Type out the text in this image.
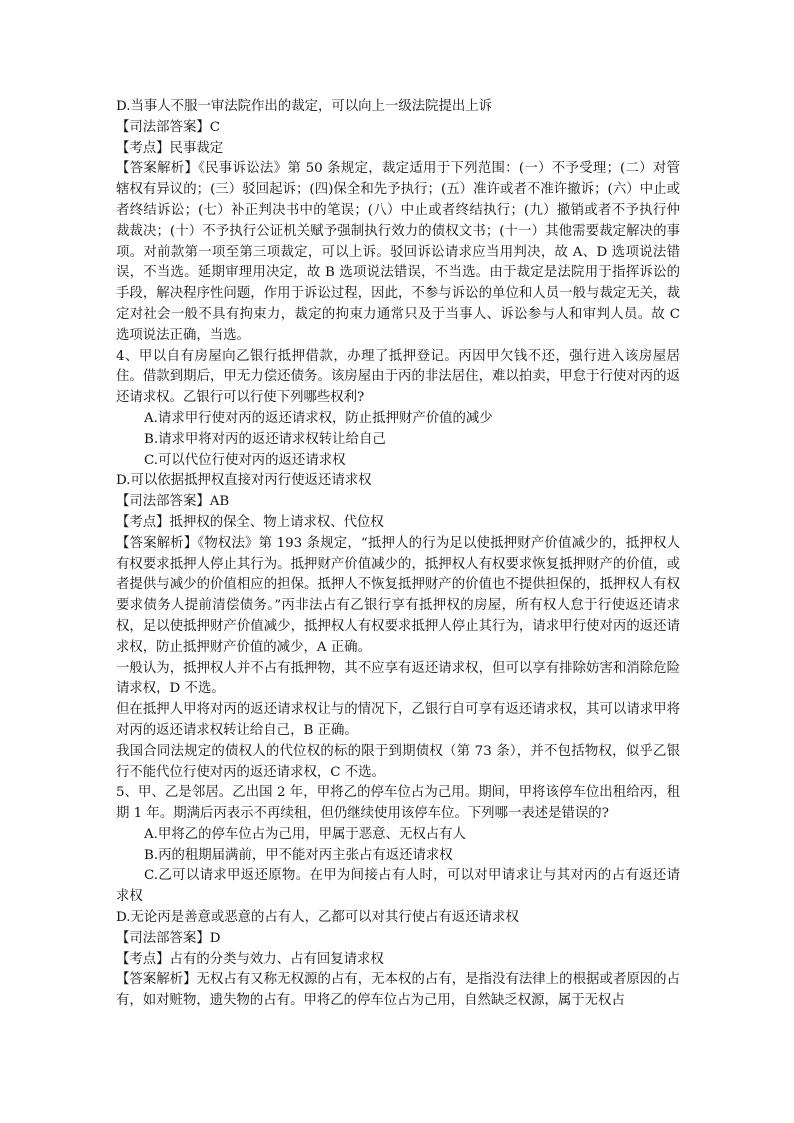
D.当事人不服一审法院作出的裁定，可以向上一级法院提出上诉

【司法部答案】C

【考点】民事裁定

【答案解析】《民事诉讼法》第 50 条规定，裁定适用于下列范围：(一）不予受理；(二）对管辖权有异议的；(三）驳回起诉；(四)保全和先予执行；(五）准许或者不准许撤诉；(六）中止或者终结诉讼；(七）补正判决书中的笔误；(八）中止或者终结执行；(九）撤销或者不予执行仲裁裁决；(十）不予执行公证机关赋予强制执行效力的债权文书；(十一）其他需要裁定解决的事项。对前款第一项至第三项裁定，可以上诉。驳回诉讼请求应当用判决，故 A、D 选项说法错误，不当选。延期审理用决定，故 B 选项说法错误，不当选。由于裁定是法院用于指挥诉讼的手段，解决程序性问题，作用于诉讼过程，因此，不参与诉讼的单位和人员一般与裁定无关，裁定对社会一般不具有拘束力，裁定的拘束力通常只及于当事人、诉讼参与人和审判人员。故 C 选项说法正确，当选。

4、甲以自有房屋向乙银行抵押借款，办理了抵押登记。丙因甲欠钱不还，强行进入该房屋居住。借款到期后，甲无力偿还债务。该房屋由于丙的非法居住，难以拍卖，甲怠于行使对丙的返还请求权。乙银行可以行使下列哪些权利?

A.请求甲行使对丙的返还请求权，防止抵押财产价值的减少

B.请求甲将对丙的返还请求权转让给自己

C.可以代位行使对丙的返还请求权

D.可以依据抵押权直接对丙行使返还请求权

【司法部答案】AB

【考点】抵押权的保全、物上请求权、代位权

【答案解析】《物权法》第 193 条规定，“抵押人的行为足以使抵押财产价值减少的，抵押权人有权要求抵押人停止其行为。抵押财产价值减少的，抵押权人有权要求恢复抵押财产的价值，或者提供与减少的价值相应的担保。抵押人不恢复抵押财产的价值也不提供担保的，抵押权人有权要求债务人提前清偿债务。”丙非法占有乙银行享有抵押权的房屋，所有权人怠于行使返还请求权，足以使抵押财产价值减少，抵押权人有权要求抵押人停止其行为，请求甲行使对丙的返还请求权，防止抵押财产价值的减少，A 正确。

一般认为，抵押权人并不占有抵押物，其不应享有返还请求权，但可以享有排除妨害和消除危险请求权，D 不选。

但在抵押人甲将对丙的返还请求权让与的情况下，乙银行自可享有返还请求权，其可以请求甲将对丙的返还请求权转让给自己，B 正确。

我国合同法规定的债权人的代位权的标的限于到期债权（第 73 条），并不包括物权，似乎乙银行不能代位行使对丙的返还请求权，C 不选。

5、甲、乙是邻居。乙出国 2 年，甲将乙的停车位占为己用。期间，甲将该停车位出租给丙，租期 1 年。期满后丙表示不再续租，但仍继续使用该停车位。下列哪一表述是错误的?

A.甲将乙的停车位占为己用，甲属于恶意、无权占有人

B.丙的租期届满前，甲不能对丙主张占有返还请求权

C.乙可以请求甲返还原物。在甲为间接占有人时，可以对甲请求让与其对丙的占有返还请求权

D.无论丙是善意或恶意的占有人，乙都可以对其行使占有返还请求权

【司法部答案】D

【考点】占有的分类与效力、占有回复请求权

【答案解析】无权占有又称无权源的占有，无本权的占有，是指没有法律上的根据或者原因的占有，如对赃物，遗失物的占有。甲将乙的停车位占为己用，自然缺乏权源，属于无权占
